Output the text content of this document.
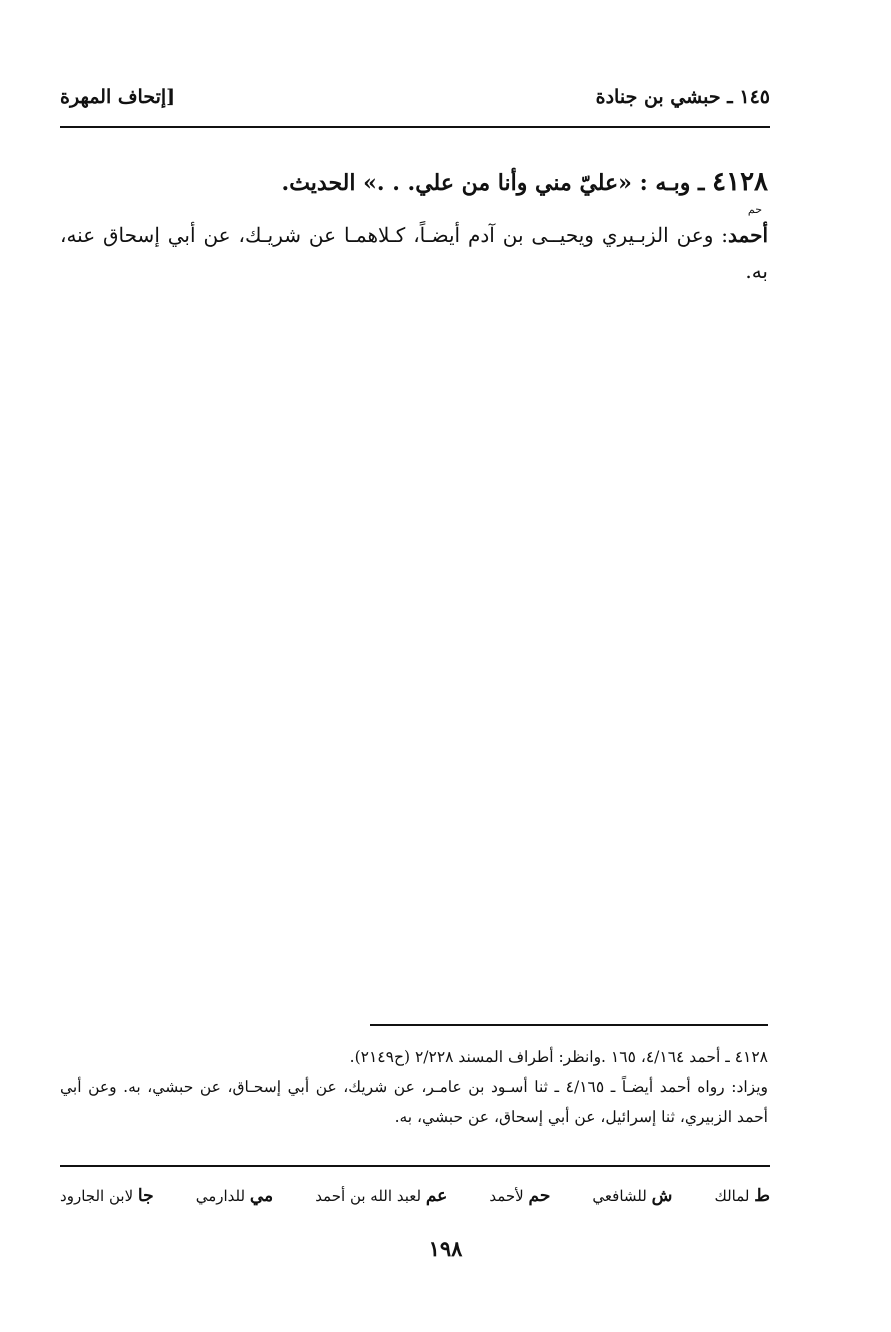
١٤٥ ـ حبشي بن جنادة
[إتحاف المهرة
٤١٢٨ ـ وبـه : «عليّ مني وأنا من علي. . .» الحديث.
حم
أحمد: وعن الزبـيري ويحيــى بن آدم أيضـاً، كـلاهمـا عن شريـك، عن أبي إسحاق عنه، به.

٤١٢٨ ـ أحمد ٤/١٦٤، ١٦٥ .وانظر: أطراف المسند ٢/٢٢٨ (ح٢١٤٩).

ويزاد: رواه أحمد أيضـاً ـ ٤/١٦٥ ـ ثنا أسـود بن عامـر، عن شريك، عن أبي إسحـاق، عن حبشي، به. وعن أبي أحمد الزبيري، ثنا إسرائيل، عن أبي إسحاق، عن حبشي، به.

ط لمالك
ش للشافعي
حم لأحمد
عم لعبد الله بن أحمد
مي للدارمي
جا لابن الجارود
١٩٨
